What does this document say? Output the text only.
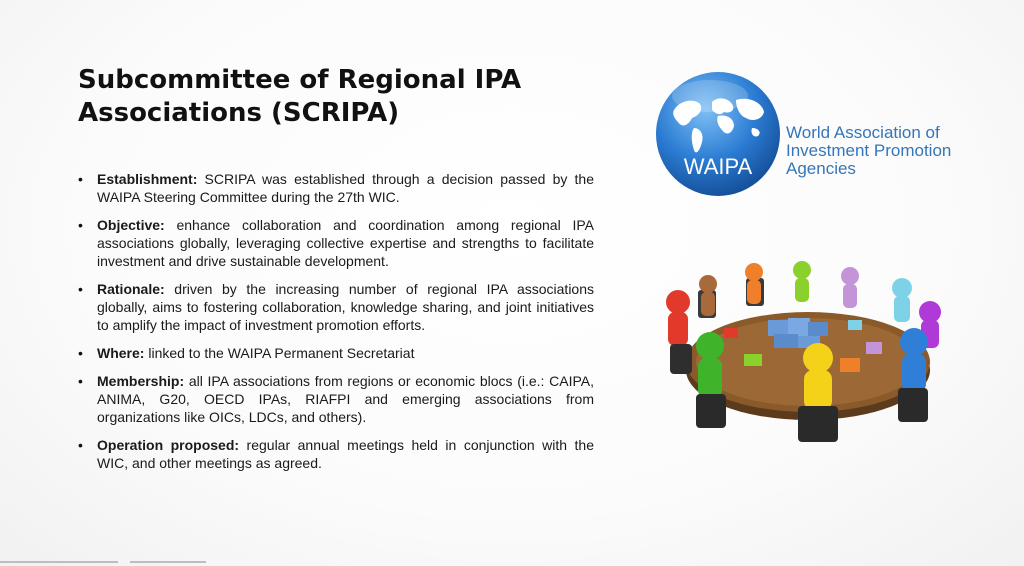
Subcommittee of Regional IPA
Associations (SCRIPA)
• Establishment: SCRIPA was established through a decision passed by the WAIPA Steering Committee during the 27th WIC.
• Objective: enhance collaboration and coordination among regional IPA associations globally, leveraging collective expertise and strengths to facilitate investment and drive sustainable development.
• Rationale: driven by the increasing number of regional IPA associations globally, aims to fostering collaboration, knowledge sharing, and joint initiatives to amplify the impact of investment promotion efforts.
• Where: linked to the WAIPA Permanent Secretariat
• Membership: all IPA associations from regions or economic blocs (i.e.: CAIPA, ANIMA, G20, OECD IPAs, RIAFPI and emerging associations from organizations like OICs, LDCs, and others).
• Operation proposed: regular annual meetings held in conjunction with the WIC, and other meetings as agreed.
WAIPA
World Association of
Investment Promotion
Agencies
